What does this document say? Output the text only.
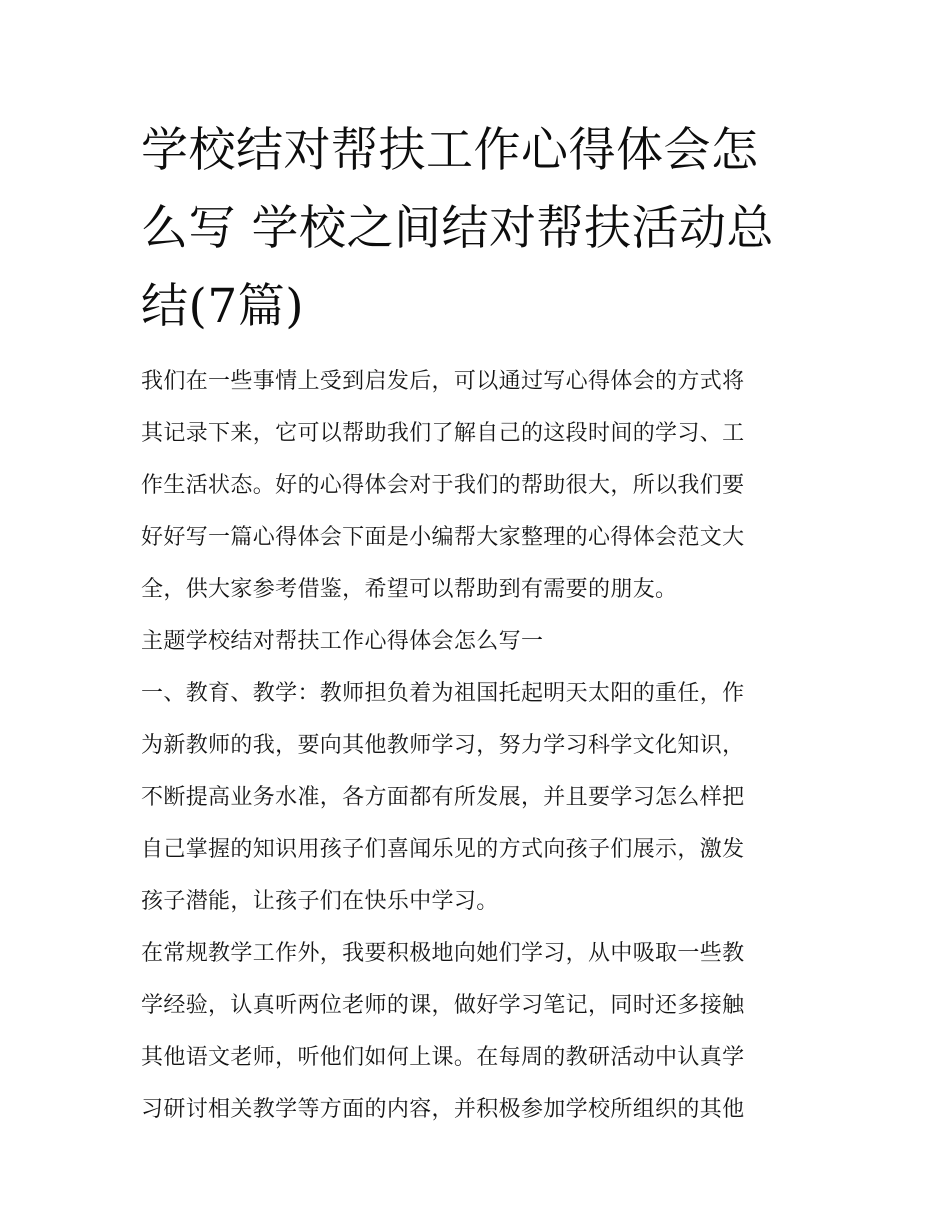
学校结对帮扶工作心得体会怎
么写 学校之间结对帮扶活动总
结(7篇)
我们在一些事情上受到启发后，可以通过写心得体会的方式将
其记录下来，它可以帮助我们了解自己的这段时间的学习、工
作生活状态。好的心得体会对于我们的帮助很大，所以我们要
好好写一篇心得体会下面是小编帮大家整理的心得体会范文大
全，供大家参考借鉴，希望可以帮助到有需要的朋友。
主题学校结对帮扶工作心得体会怎么写一
一、教育、教学：教师担负着为祖国托起明天太阳的重任，作
为新教师的我，要向其他教师学习，努力学习科学文化知识，
不断提高业务水准，各方面都有所发展，并且要学习怎么样把
自己掌握的知识用孩子们喜闻乐见的方式向孩子们展示，激发
孩子潜能，让孩子们在快乐中学习。
在常规教学工作外，我要积极地向她们学习，从中吸取一些教
学经验，认真听两位老师的课，做好学习笔记，同时还多接触
其他语文老师，听他们如何上课。在每周的教研活动中认真学
习研讨相关教学等方面的内容，并积极参加学校所组织的其他
